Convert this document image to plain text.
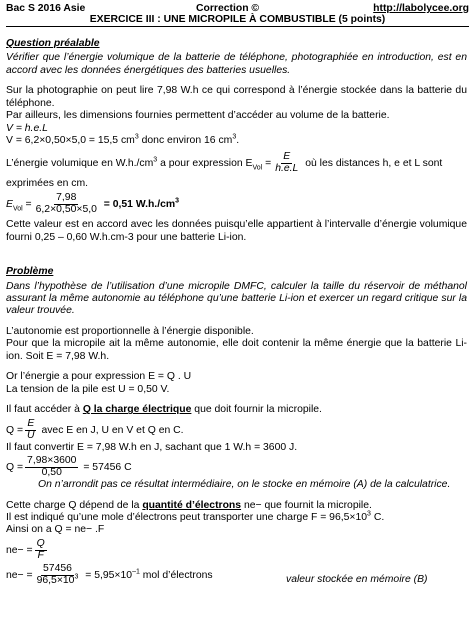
Bac S 2016 Asie	Correction ©	http://labolycee.org
EXERCICE III : UNE MICROPILE À COMBUSTIBLE (5 points)

Question préalable

Vérifier que l’énergie volumique de la batterie de téléphone, photographiée en introduction, est en accord avec les données énergétiques des batteries usuelles.

Sur la photographie on peut lire 7,98 W.h ce qui correspond à l’énergie stockée dans la batterie du téléphone.

Par ailleurs, les dimensions fournies permettent d’accéder au volume de la batterie.

V = h.e.L

V = 6,2×0,50×5,0 = 15,5 $cm^3$ donc environ 16 $cm^3$.

L’énergie volumique en $W.h./cm^3$ a pour expression $E_{Vol} = \frac{E}{h.e.L}$ où les distances h, e et L sont

exprimées en cm.

$E_{Vol} = \frac{7,98}{6,2\times 0,50\times 5,0} = 0,51$ $W.h./cm^3$

Cette valeur est en accord avec les données puisqu’elle appartient à l’intervalle d’énergie volumique fourni 0,25 – 0,60 W.h.cm-3 pour une batterie Li-ion.

Problème

Dans l’hypothèse de l’utilisation d’une micropile DMFC, calculer la taille du réservoir de méthanol assurant la même autonomie au téléphone qu’une batterie Li-ion et exercer un regard critique sur la valeur trouvée.

L’autonomie est proportionnelle à l’énergie disponible.

Pour que la micropile ait la même autonomie, elle doit contenir la même énergie que la batterie Li-ion. Soit E = 7,98 W.h.

Or l’énergie a pour expression E = Q . U

La tension de la pile est U = 0,50 V.

Il faut accéder à Q la charge électrique que doit fournir la micropile.

$Q = \frac{E}{U}$ avec E en J, U en V et Q en C.

Il faut convertir E = 7,98 W.h en J, sachant que 1 W.h = 3600 J.

$Q = \frac{7,98\times 3600}{0,50} = 57456$ C

On n’arrondit pas ce résultat intermédiaire, on le stocke en mémoire (A) de la calculatrice.

Cette charge Q dépend de la quantité d’électrons ne− que fournit la micropile.

Il est indiqué qu’une mole d’électrons peut transporter une charge $F = 96,5\times 10^3$ C.

Ainsi on a Q = ne− .F

$ne- = \frac{Q}{F}$

$ne- = \frac{57456}{96,5\times 10^3} = 5,95\times 10^{-1}$ mol d’électrons	valeur stockée en mémoire (B)
